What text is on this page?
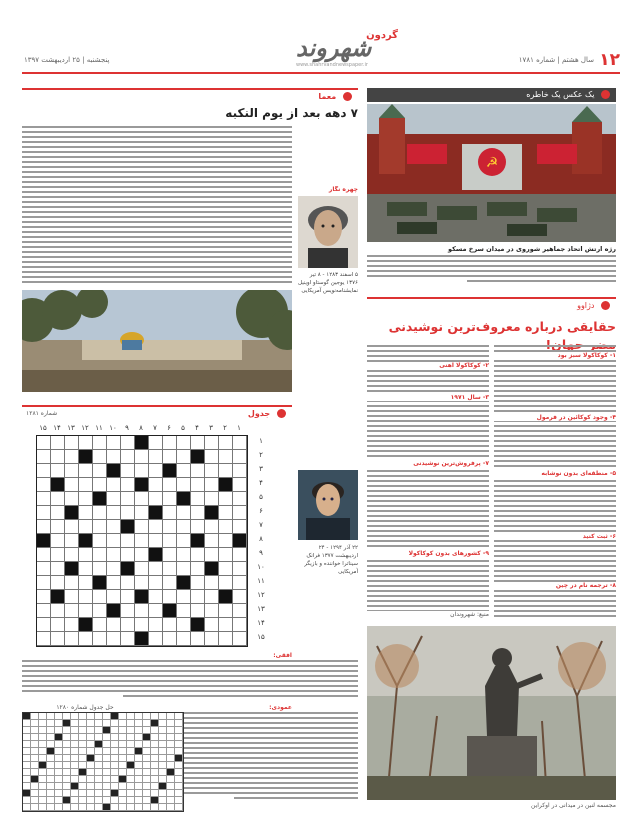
۱۲
سال هشتم | شماره ۱۷۸۱
گردون
شهروند
www.shahrvandnewspaper.ir
پنجشنبه | ۲۵ اردیبهشت ۱۳۹۷
یک عکس یک خاطره
☭
رژه ارتش اتحاد جماهیر شوروی در میدان سرخ مسکو
دژاوو
حقایقی درباره معروف‌ترین نوشیدنی
۱- کوکاکولا سبز بود
۲- کوکاکولا آهنی
۳- سال ۱۹۷۱
۴- وجود کوکائین در فرمول
۵- منطقه‌ای بدون نوشابه
۶- ثبت کنید
۷- پرفروش‌ترین نوشیدنی
۸- ترجمه نام در چین
۹- کشورهای بدون کوکاکولا
منبع: شهروندان
مجسمه لنین در میدانی در اوکراین
معما
۷ دهه بعد از یوم النکبه
چهره نگار
۵ اسفند ۱۲۸۳ - ۸ تیر ۱۳۷۶ یوجین گوستاو اوینیل نمایشنامه‌نویس آمریکایی
جدول
شماره ۱۲۸۱
۱۵ ۱۴ ۱۳ ۱۲ ۱۱ ۱۰	۹	۸	۷	۶	۵	۴	۳	۲	۱
۱
۲
۳
۴
۵
۶
۷
۸
۹
۱۰
۱۱
۱۲
۱۳
۱۴
۱۵
۲۲ آذر ۱۲۹۴ - ۲۴ اردیبهشت ۱۳۷۷ فرانک سیناترا خواننده و بازیگر آمریکایی
افقی:
عمودی:
حل جدول شماره ۱۲۸۰
